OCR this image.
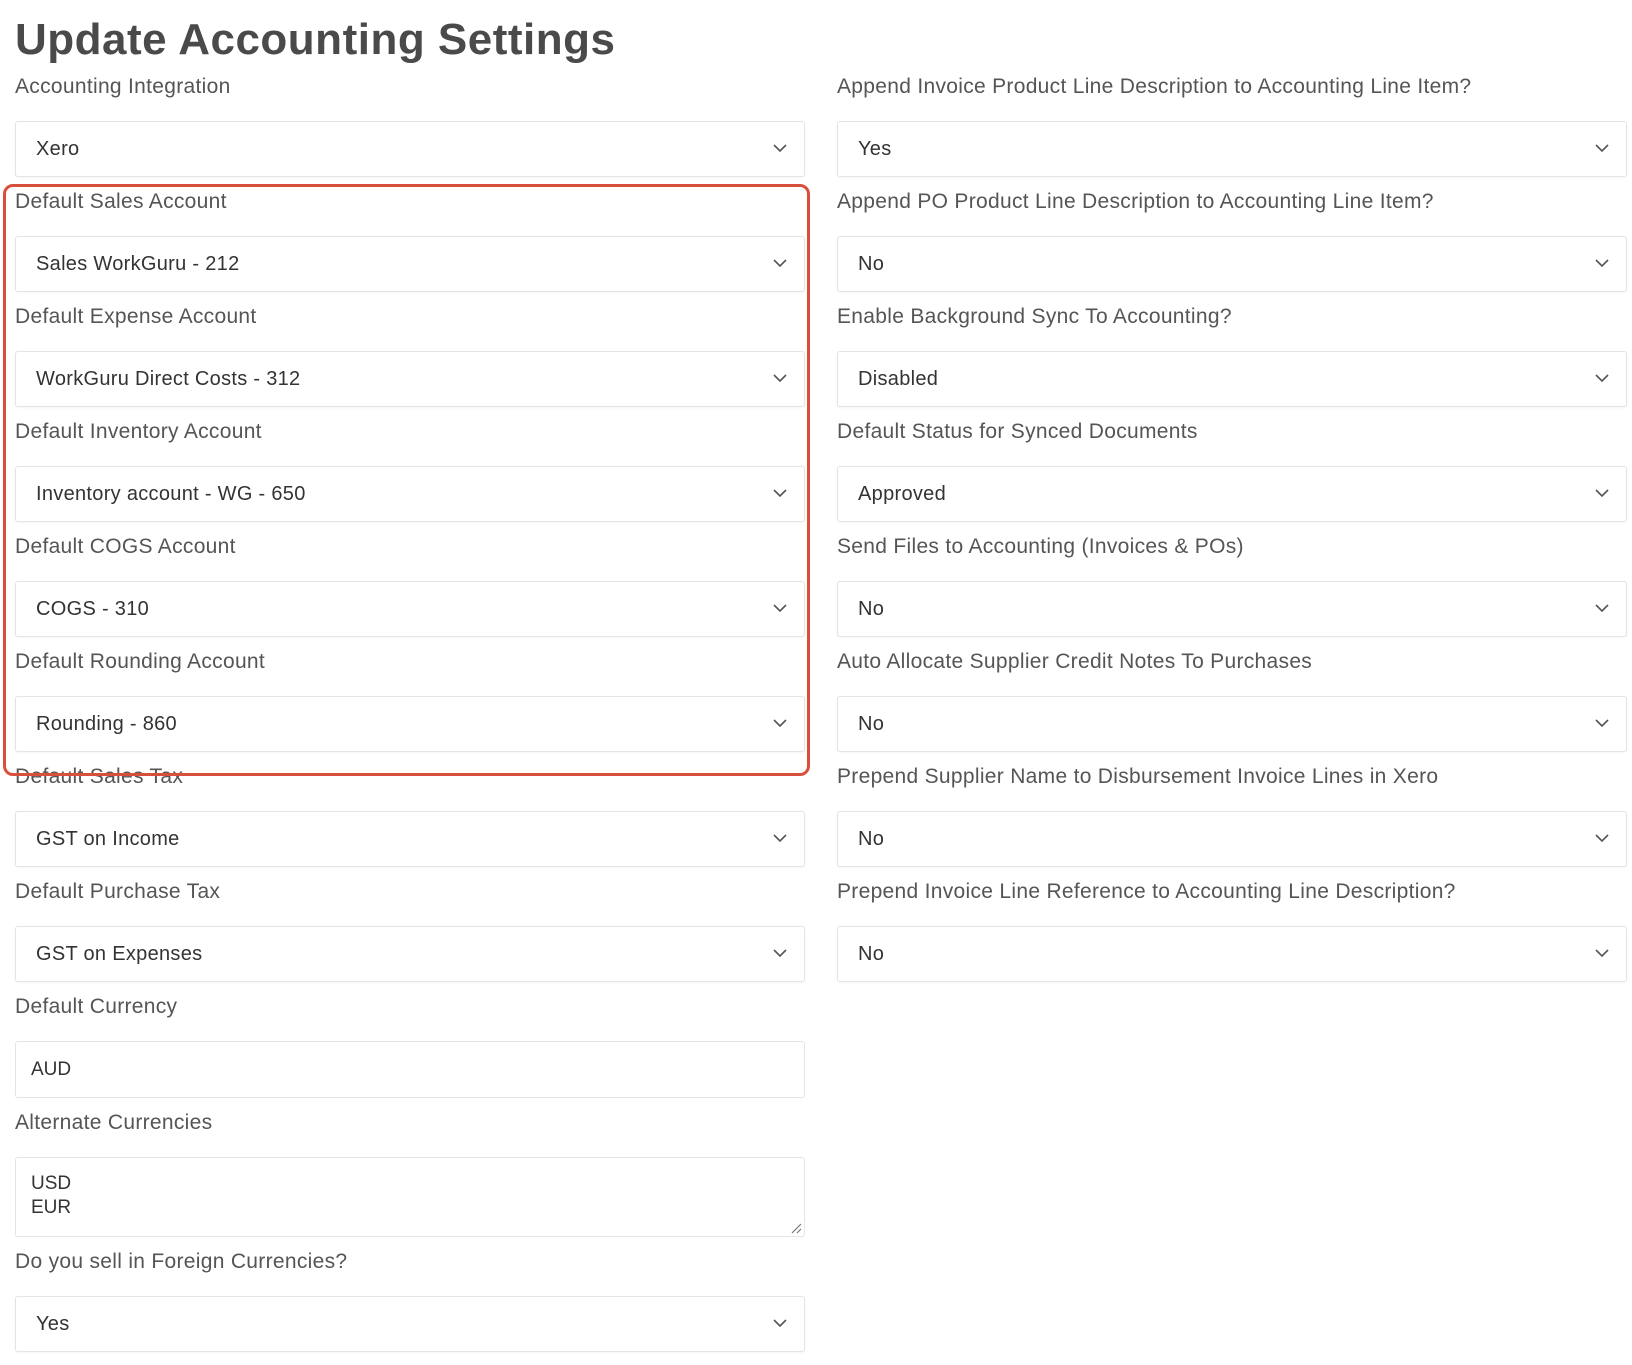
Update Accounting Settings
Accounting Integration
Xero
Default Sales Account
Sales WorkGuru - 212
Default Expense Account
WorkGuru Direct Costs - 312
Default Inventory Account
Inventory account - WG - 650
Default COGS Account
COGS - 310
Default Rounding Account
Rounding - 860
Default Sales Tax
GST on Income
Default Purchase Tax
GST on Expenses
Default Currency
AUD
Alternate Currencies
USD
EUR
Do you sell in Foreign Currencies?
Yes
Append Invoice Product Line Description to Accounting Line Item?
Yes
Append PO Product Line Description to Accounting Line Item?
No
Enable Background Sync To Accounting?
Disabled
Default Status for Synced Documents
Approved
Send Files to Accounting (Invoices & POs)
No
Auto Allocate Supplier Credit Notes To Purchases
No
Prepend Supplier Name to Disbursement Invoice Lines in Xero
No
Prepend Invoice Line Reference to Accounting Line Description?
No
